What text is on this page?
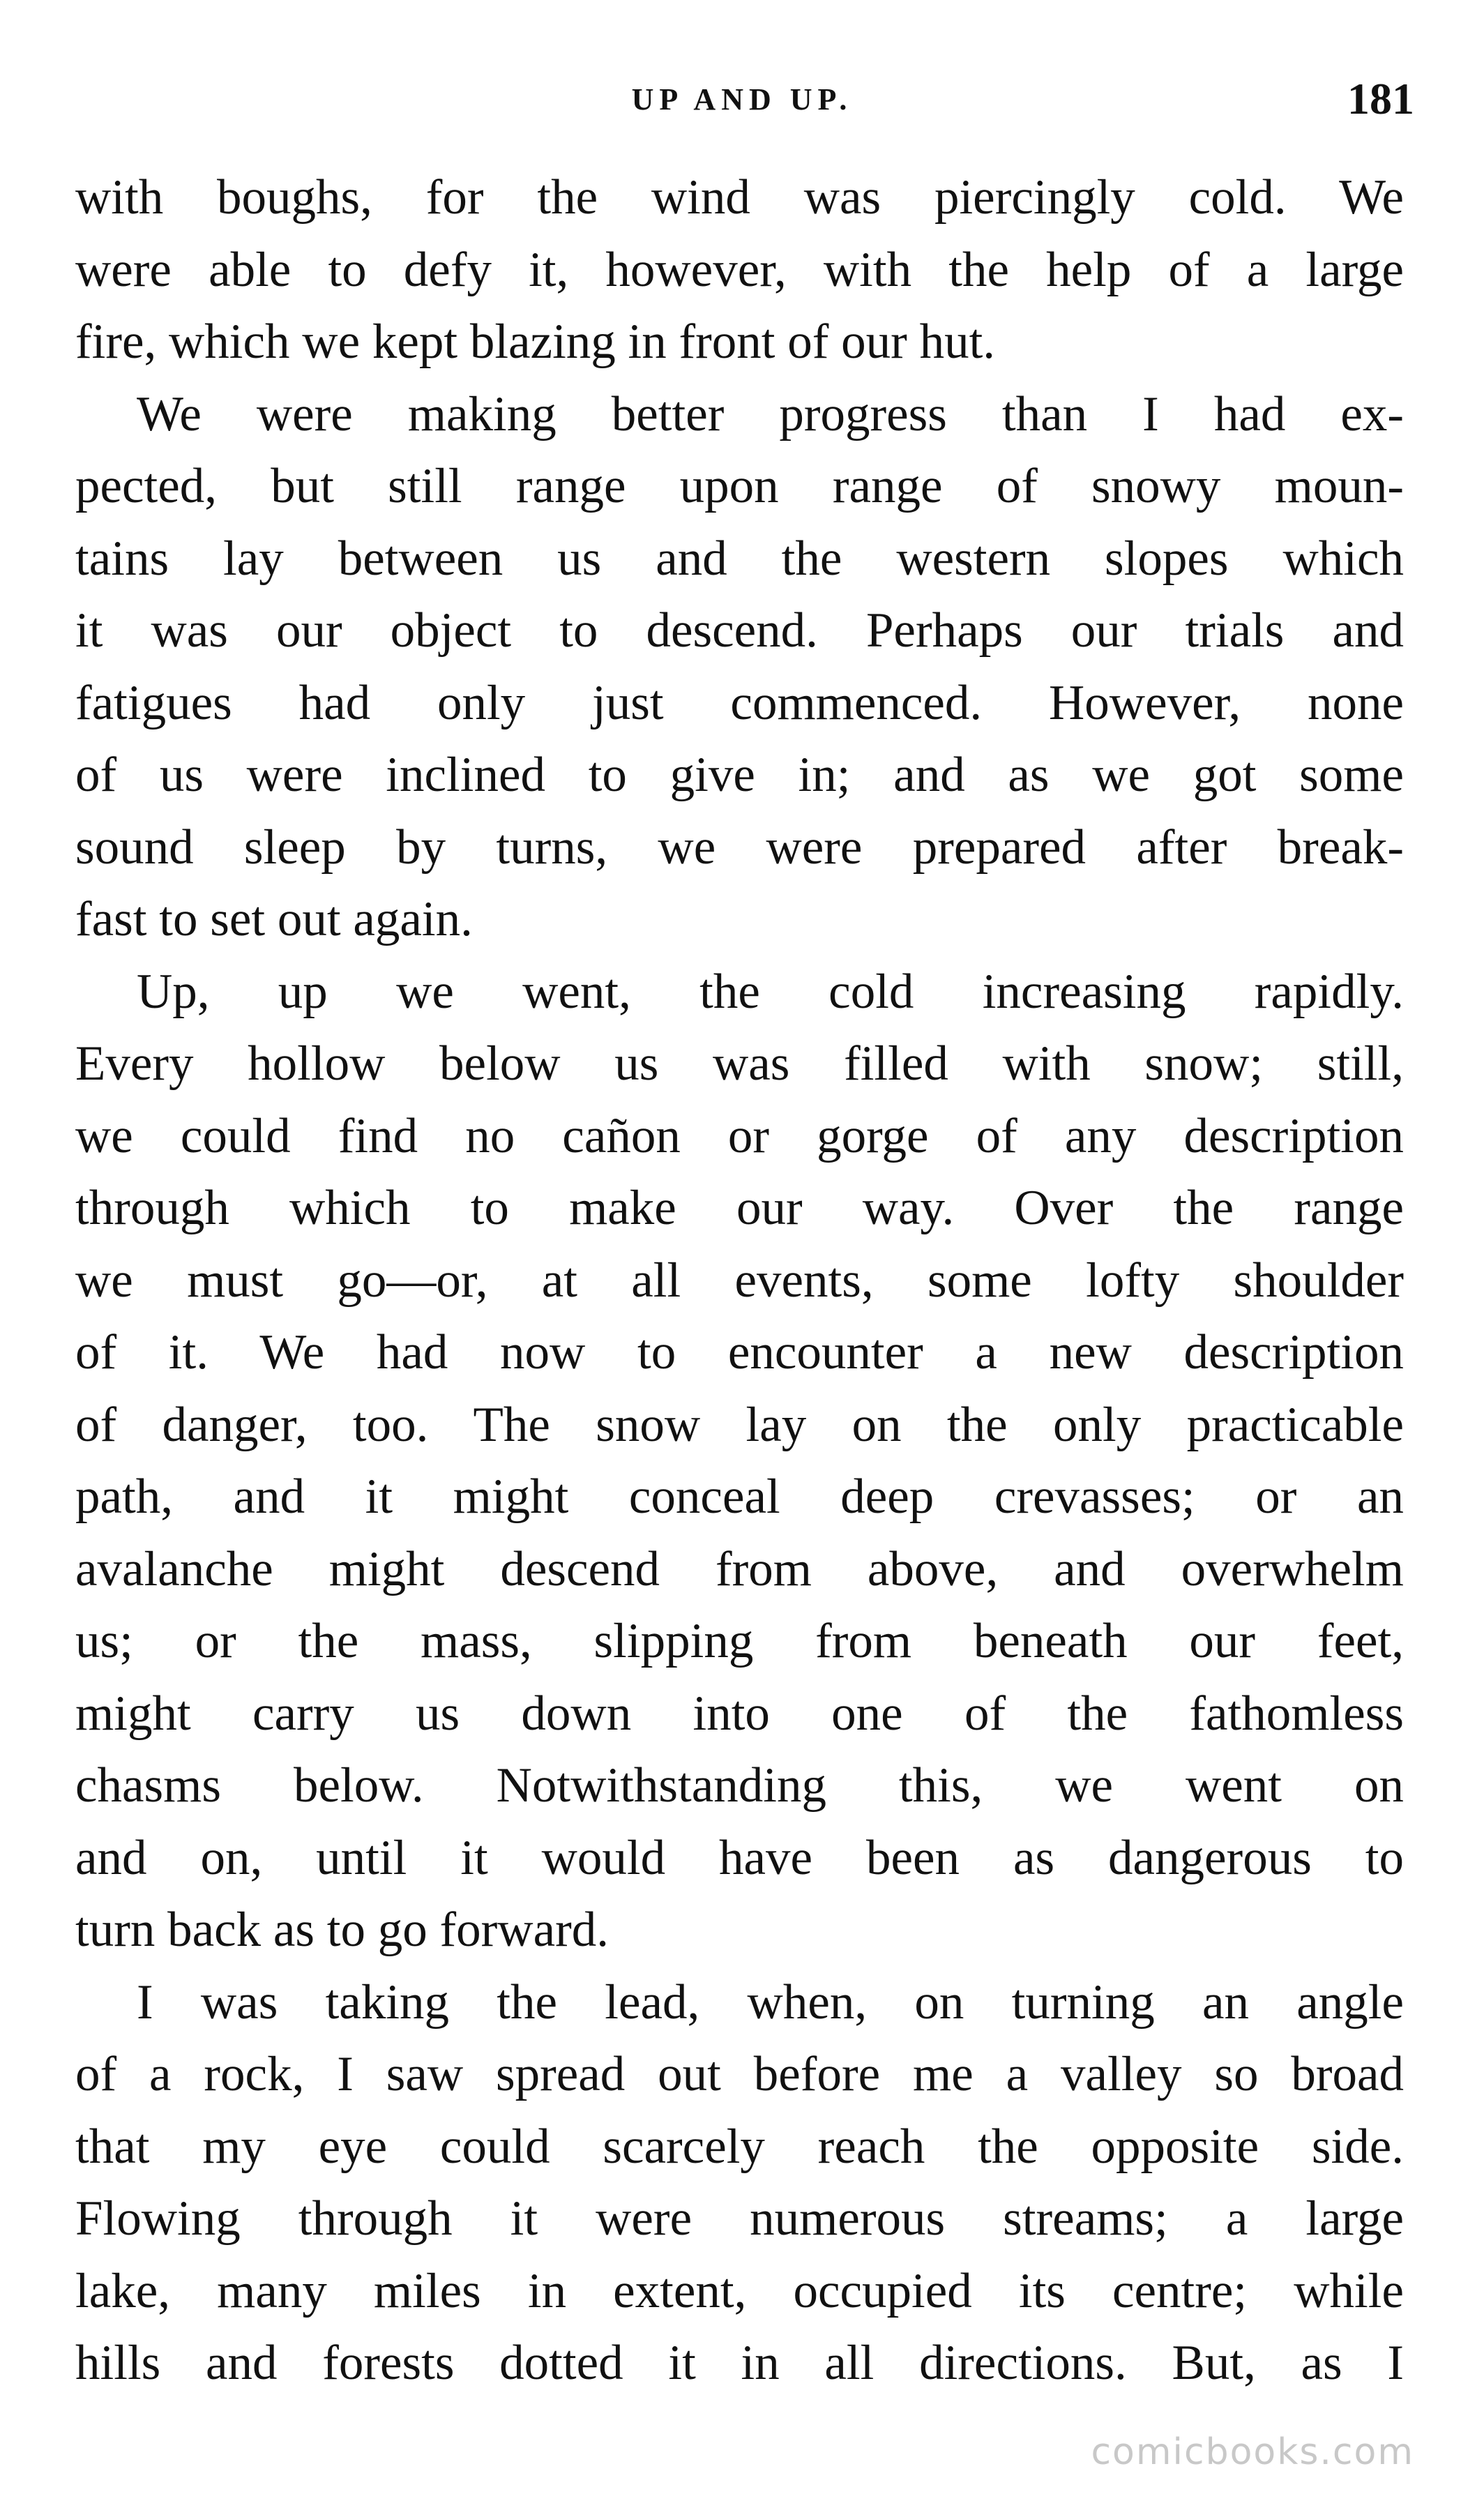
UP AND UP.	181
with boughs, for the wind was piercingly cold. We
were able to defy it, however, with the help of a large
fire, which we kept blazing in front of our hut.
We were making better progress than I had ex-
pected, but still range upon range of snowy moun-
tains lay between us and the western slopes which
it was our object to descend. Perhaps our trials and
fatigues had only just commenced. However, none
of us were inclined to give in; and as we got some
sound sleep by turns, we were prepared after break-
fast to set out again.
Up, up we went, the cold increasing rapidly.
Every hollow below us was filled with snow; still,
we could find no cañon or gorge of any description
through which to make our way. Over the range
we must go—or, at all events, some lofty shoulder
of it. We had now to encounter a new description
of danger, too. The snow lay on the only practicable
path, and it might conceal deep crevasses; or an
avalanche might descend from above, and overwhelm
us; or the mass, slipping from beneath our feet,
might carry us down into one of the fathomless
chasms below. Notwithstanding this, we went on
and on, until it would have been as dangerous to
turn back as to go forward.
I was taking the lead, when, on turning an angle
of a rock, I saw spread out before me a valley so broad
that my eye could scarcely reach the opposite side.
Flowing through it were numerous streams; a large
lake, many miles in extent, occupied its centre; while
hills and forests dotted it in all directions. But, as I
comicbooks.com
